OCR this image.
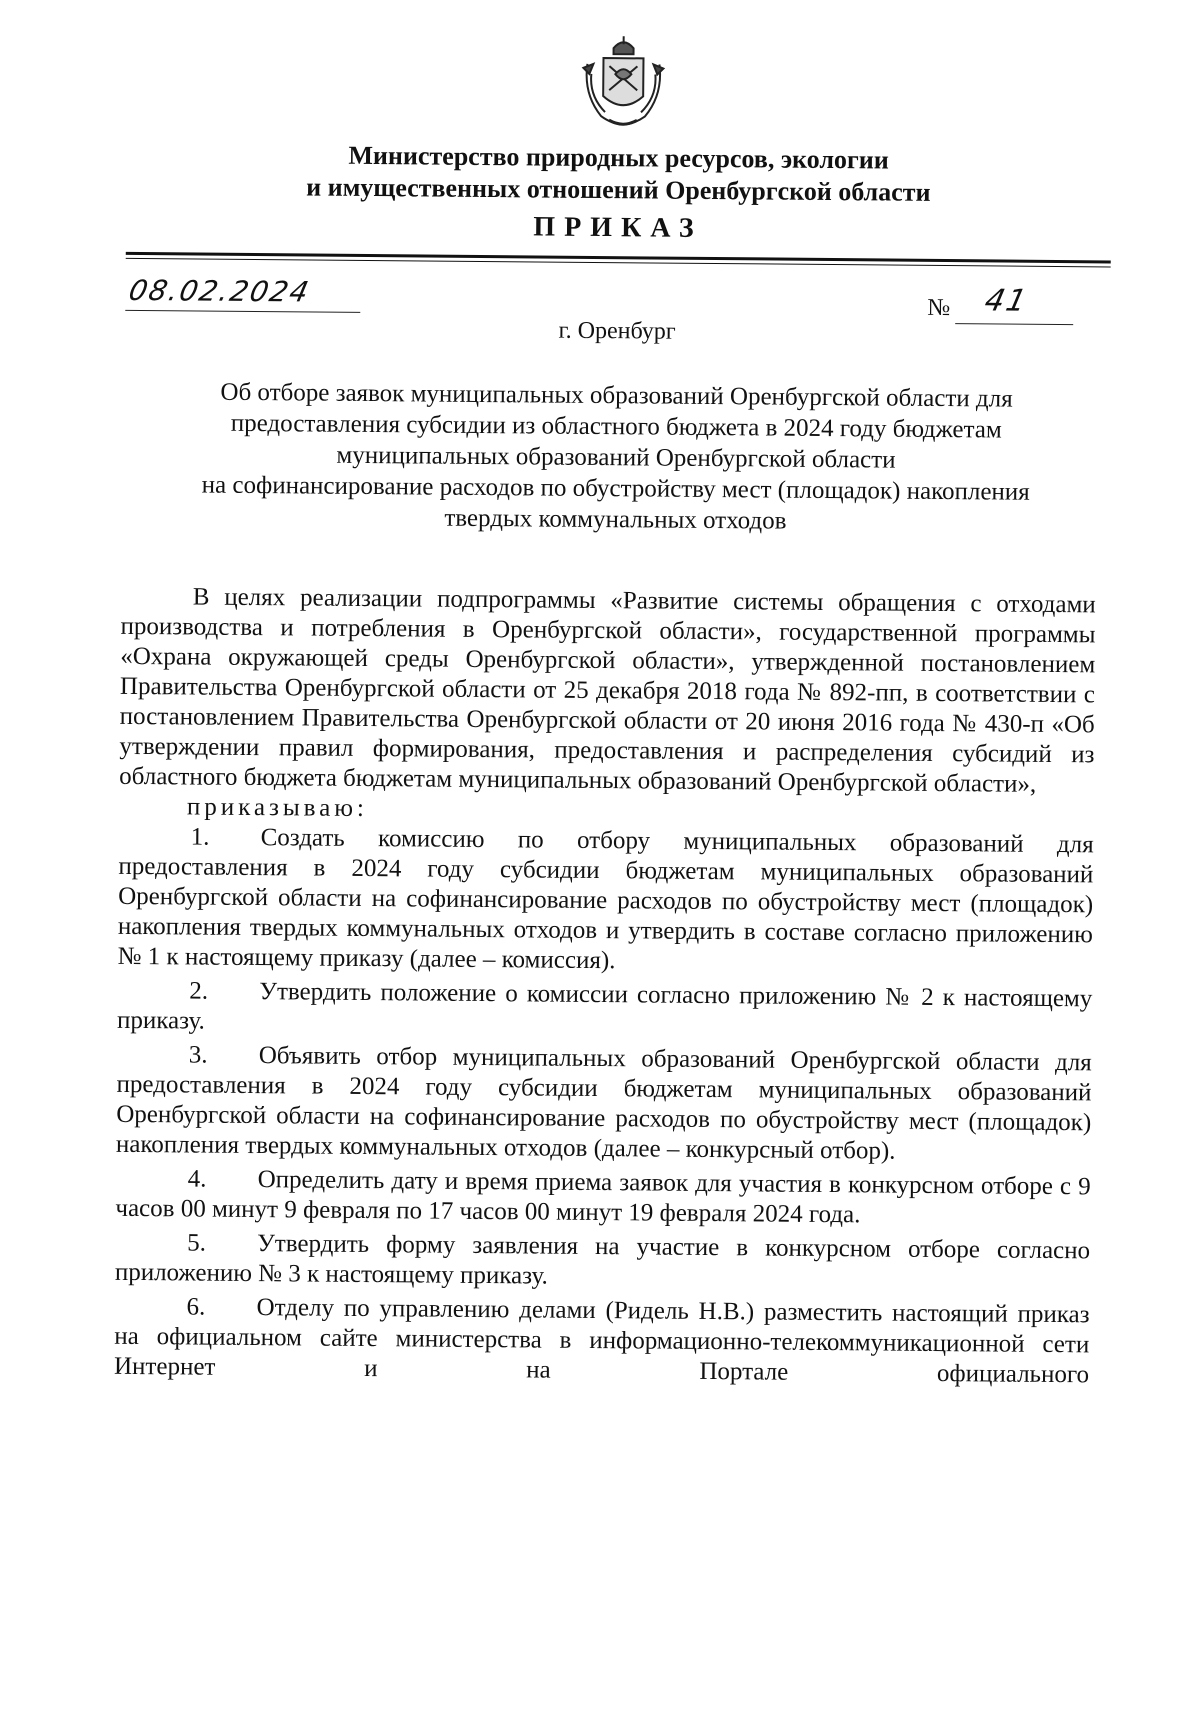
Министерство природных ресурсов, экологии
и имущественных отношений Оренбургской области
ПРИКАЗ
08.02.2024	№ 41
г. Оренбург
Об отборе заявок муниципальных образований Оренбургской области для
предоставления субсидии из областного бюджета в 2024 году бюджетам
муниципальных образований Оренбургской области
на софинансирование расходов по обустройству мест (площадок) накопления
твердых коммунальных отходов

В целях реализации подпрограммы «Развитие системы обращения с отходами производства и потребления в Оренбургской области», государственной программы «Охрана окружающей среды Оренбургской области», утвержденной постановлением Правительства Оренбургской области от 25 декабря 2018 года № 892-пп, в соответствии с постановлением Правительства Оренбургской области от 20 июня 2016 года № 430-п «Об утверждении правил формирования, предоставления и распределения субсидий из областного бюджета бюджетам муниципальных образований Оренбургской области»,

приказываю:

1. Создать комиссию по отбору муниципальных образований для предоставления в 2024 году субсидии бюджетам муниципальных образований Оренбургской области на софинансирование расходов по обустройству мест (площадок) накопления твердых коммунальных отходов и утвердить в составе согласно приложению № 1 к настоящему приказу (далее – комиссия).

2. Утвердить положение о комиссии согласно приложению № 2 к настоящему приказу.

3. Объявить отбор муниципальных образований Оренбургской области для предоставления в 2024 году субсидии бюджетам муниципальных образований Оренбургской области на софинансирование расходов по обустройству мест (площадок) накопления твердых коммунальных отходов (далее – конкурсный отбор).

4. Определить дату и время приема заявок для участия в конкурсном отборе с 9 часов 00 минут 9 февраля по 17 часов 00 минут 19 февраля 2024 года.

5. Утвердить форму заявления на участие в конкурсном отборе согласно приложению № 3 к настоящему приказу.

6. Отделу по управлению делами (Ридель Н.В.) разместить настоящий приказ на официальном сайте министерства в информационно-телекоммуникационной сети Интернет и на Портале официального
